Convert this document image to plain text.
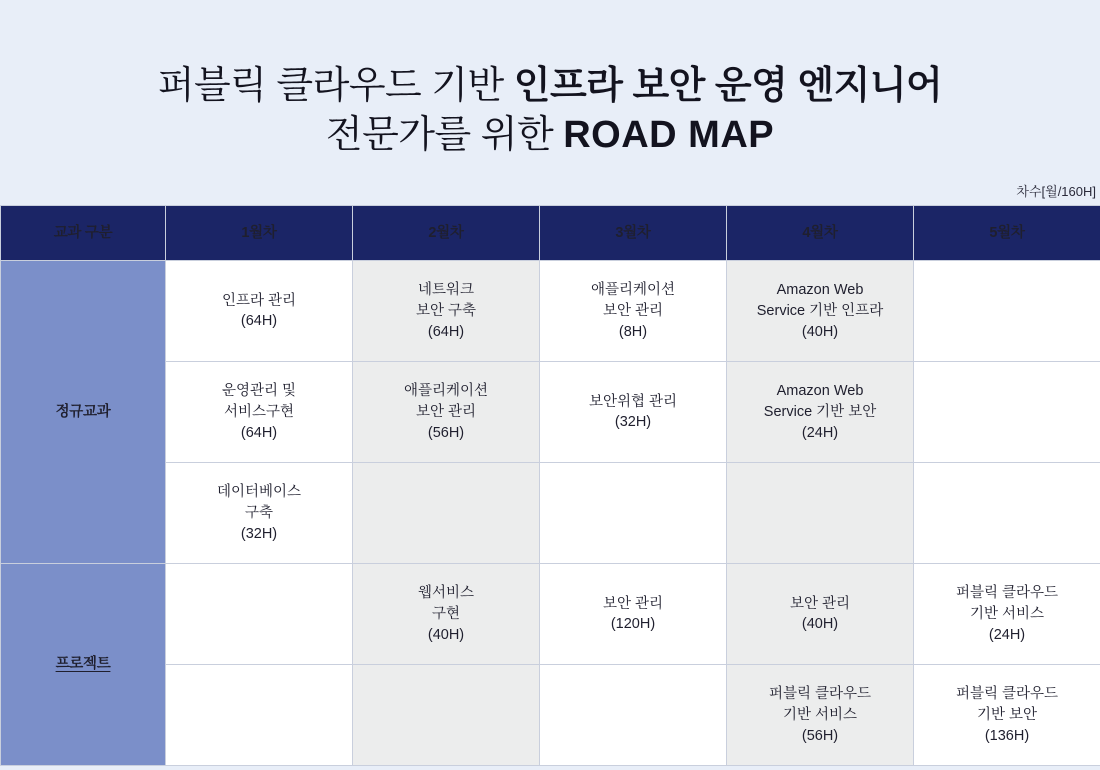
퍼블릭 클라우드 기반 인프라 보안 운영 엔지니어
전문가를 위한 ROAD MAP
차수[월/160H]
교과 구분	1월차	2월차	3월차	4월차	5월차
정규교과	인프라 관리
(64H)	네트워크
보안 구축
(64H)	애플리케이션
보안 관리
(8H)	Amazon Web
Service 기반 인프라
(40H)	

	운영관리 및
서비스구현
(64H)	애플리케이션
보안 관리
(56H)	보안위협 관리
(32H)	Amazon Web
Service 기반 보안
(24H)	

	데이터베이스
구축
(32H)				

프로젝트		웹서비스
구현
(40H)	보안 관리
(120H)	보안 관리
(40H)	퍼블릭 클라우드
기반 서비스
(24H)

				퍼블릭 클라우드
기반 서비스
(56H)	퍼블릭 클라우드
기반 보안
(136H)
